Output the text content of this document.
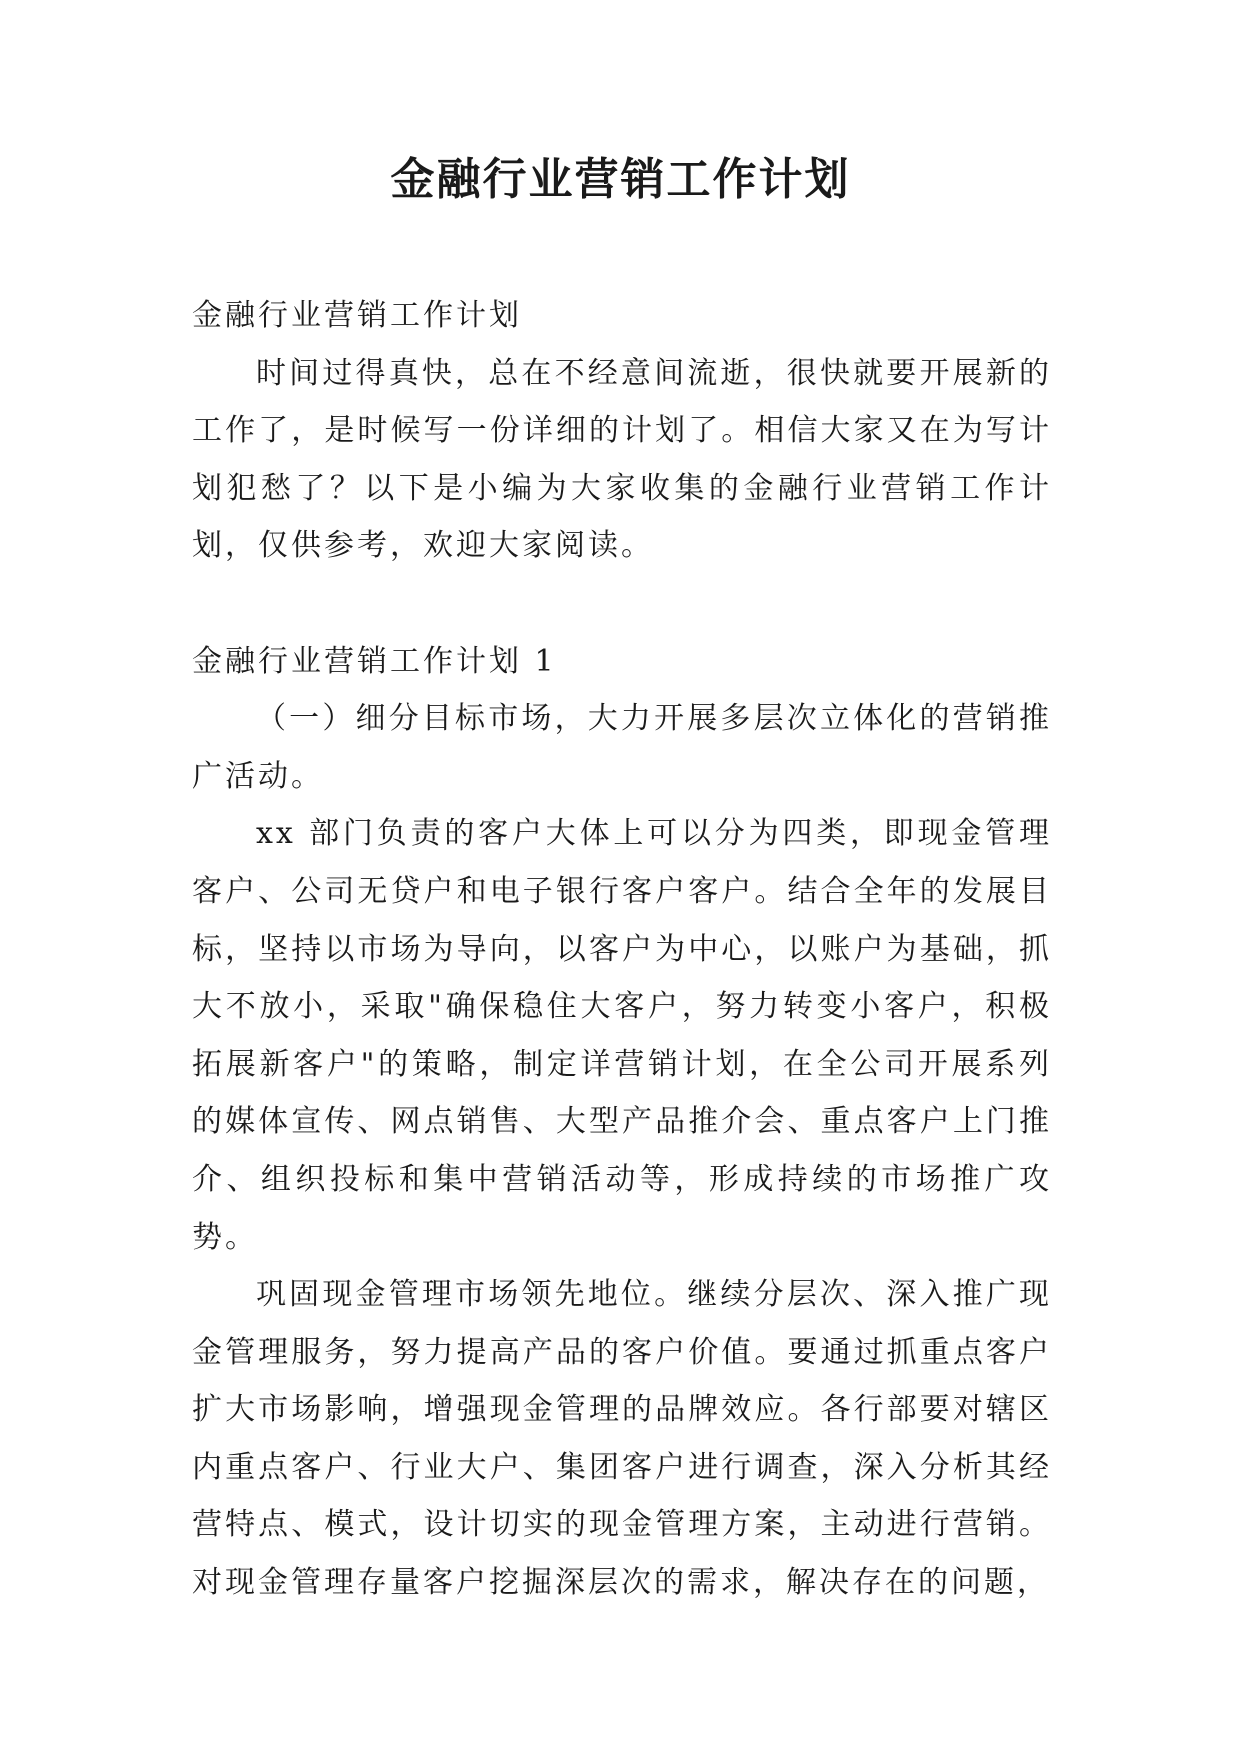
金融行业营销工作计划

金融行业营销工作计划

时间过得真快，总在不经意间流逝，很快就要开展新的工作了，是时候写一份详细的计划了。相信大家又在为写计划犯愁了？以下是小编为大家收集的金融行业营销工作计划，仅供参考，欢迎大家阅读。

金融行业营销工作计划 1

（一）细分目标市场，大力开展多层次立体化的营销推广活动。

xx 部门负责的客户大体上可以分为四类，即现金管理客户、公司无贷户和电子银行客户客户。结合全年的发展目标，坚持以市场为导向，以客户为中心，以账户为基础，抓大不放小，采取"确保稳住大客户，努力转变小客户，积极拓展新客户"的策略，制定详营销计划，在全公司开展系列的媒体宣传、网点销售、大型产品推介会、重点客户上门推介、组织投标和集中营销活动等，形成持续的市场推广攻势。

巩固现金管理市场领先地位。继续分层次、深入推广现金管理服务，努力提高产品的客户价值。要通过抓重点客户扩大市场影响，增强现金管理的品牌效应。各行部要对辖区内重点客户、行业大户、集团客户进行调查，深入分析其经营特点、模式，设计切实的现金管理方案，主动进行营销。对现金管理存量客户挖掘深层次的需求，解决存在的问题，
